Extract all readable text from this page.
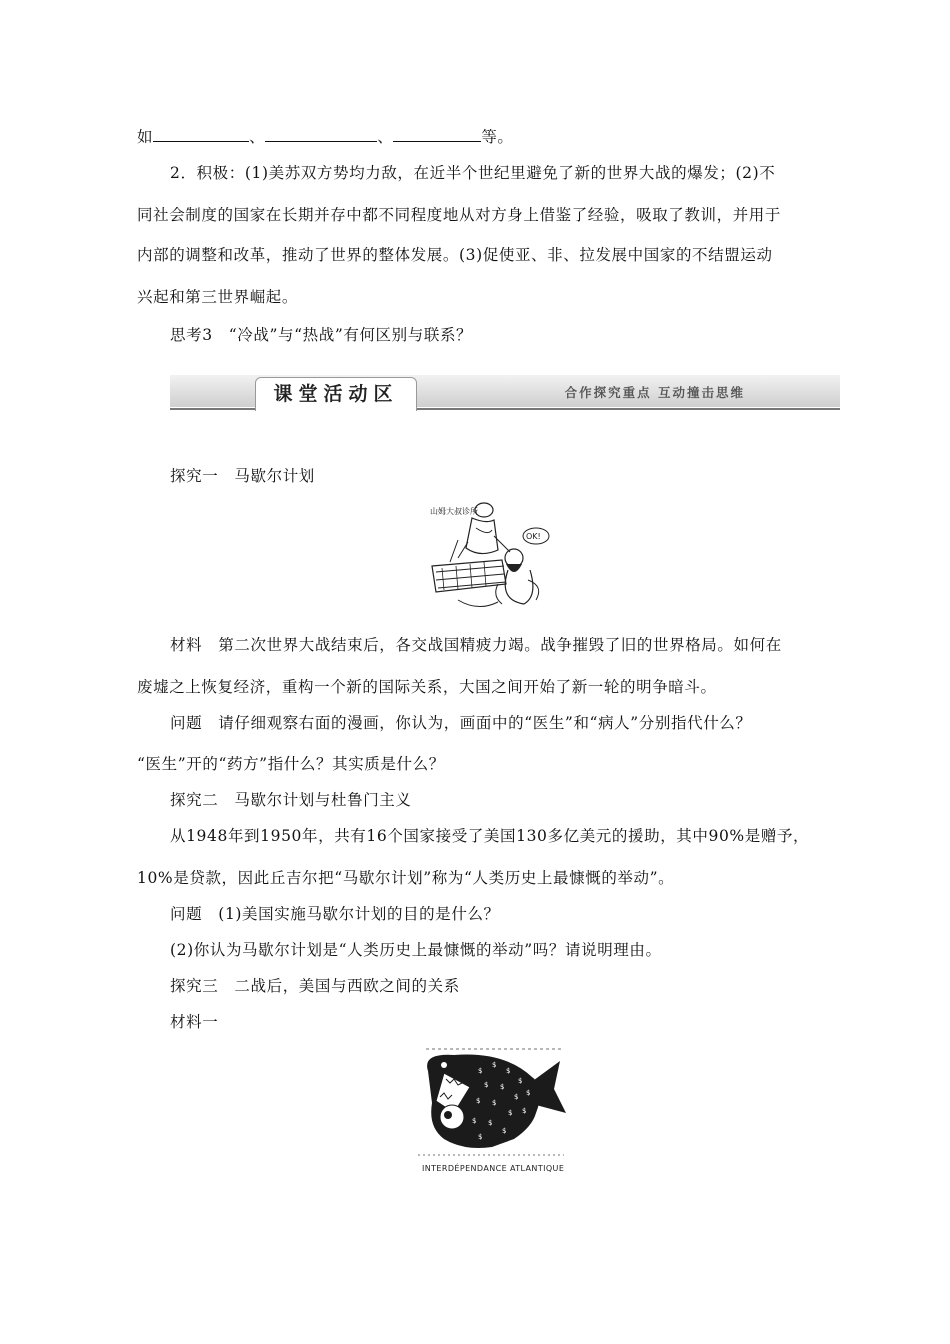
如	、	、	等。
2．积极：(1)美苏双方势均力敌，在近半个世纪里避免了新的世界大战的爆发；(2)不
同社会制度的国家在长期并存中都不同程度地从对方身上借鉴了经验，吸取了教训，并用于
内部的调整和改革，推动了世界的整体发展。(3)促使亚、非、拉发展中国家的不结盟运动
兴起和第三世界崛起。
思考3　“冷战”与“热战”有何区别与联系？
课堂活动区	合作探究重点 互动撞击思维
探究一　马歇尔计划
山姆大叔诊所
OK!
材料　第二次世界大战结束后，各交战国精疲力竭。战争摧毁了旧的世界格局。如何在
废墟之上恢复经济，重构一个新的国际关系，大国之间开始了新一轮的明争暗斗。
问题　请仔细观察右面的漫画，你认为，画面中的“医生”和“病人”分别指代什么？
“医生”开的“药方”指什么？其实质是什么？
探究二　马歇尔计划与杜鲁门主义
从1948年到1950年，共有16个国家接受了美国130多亿美元的援助，其中90%是赠予，
10%是贷款，因此丘吉尔把“马歇尔计划”称为“人类历史上最慷慨的举动”。
问题　(1)美国实施马歇尔计划的目的是什么？
(2)你认为马歇尔计划是“人类历史上最慷慨的举动”吗？请说明理由。
探究三　二战后，美国与西欧之间的关系
材料一
$
$
$
$
$ $
$ $
$ $
$ $
$ $
$
$
INTERDÉPENDANCE ATLANTIQUE
